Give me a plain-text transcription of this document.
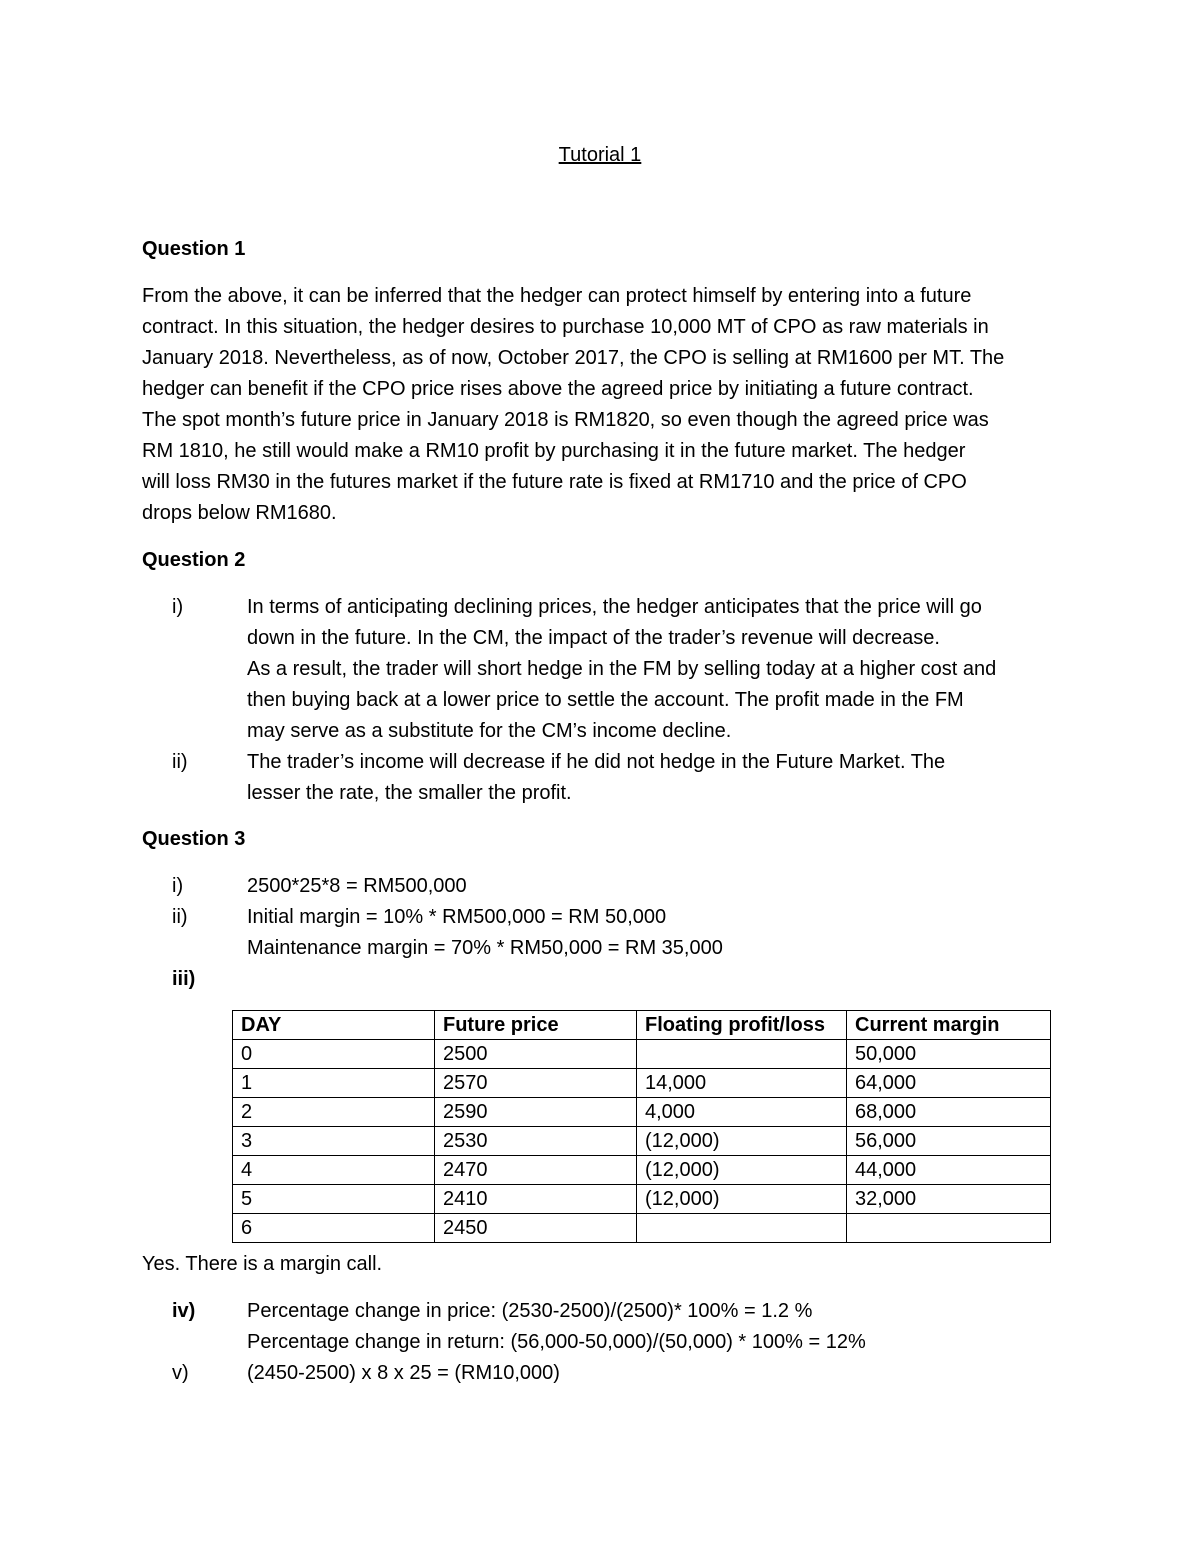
Tutorial 1
Question 1
From the above, it can be inferred that the hedger can protect himself by entering into a future
contract. In this situation, the hedger desires to purchase 10,000 MT of CPO as raw materials in
January 2018. Nevertheless, as of now, October 2017, the CPO is selling at RM1600 per MT. The
hedger can benefit if the CPO price rises above the agreed price by initiating a future contract.
The spot month’s future price in January 2018 is RM1820, so even though the agreed price was
RM 1810, he still would make a RM10 profit by purchasing it in the future market. The hedger
will loss RM30 in the futures market if the future rate is fixed at RM1710 and the price of CPO
drops below RM1680.
Question 2
i)	In terms of anticipating declining prices, the hedger anticipates that the price will go
down in the future. In the CM, the impact of the trader’s revenue will decrease.
As a result, the trader will short hedge in the FM by selling today at a higher cost and
then buying back at a lower price to settle the account. The profit made in the FM
may serve as a substitute for the CM’s income decline.
ii)	The trader’s income will decrease if he did not hedge in the Future Market. The
lesser the rate, the smaller the profit.
Question 3
i)	2500*25*8 = RM500,000
ii)	Initial margin = 10% * RM500,000 = RM 50,000
Maintenance margin = 70% * RM50,000 = RM 35,000
iii)
DAY	Future price	Floating profit/loss	Current margin
0	2500		50,000
1	2570	14,000	64,000
2	2590	4,000	68,000
3	2530	(12,000)	56,000
4	2470	(12,000)	44,000
5	2410	(12,000)	32,000
6	2450		
Yes. There is a margin call.
iv)	Percentage change in price: (2530-2500)/(2500)* 100% = 1.2 %
Percentage change in return: (56,000-50,000)/(50,000) * 100% = 12%
v)	(2450-2500) x 8 x 25 = (RM10,000)
